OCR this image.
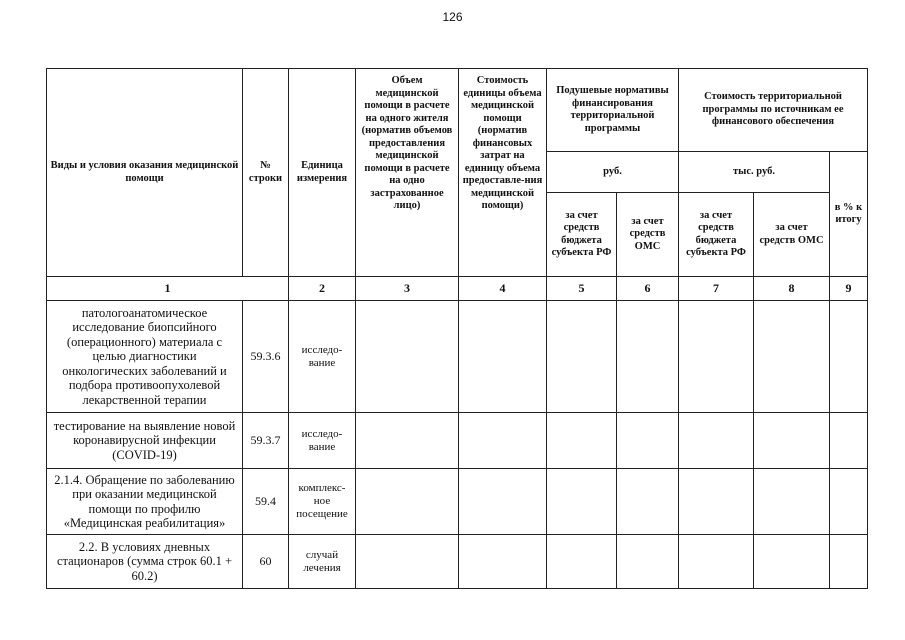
126
Виды и условия оказания медицинской помощи	№ строки	Единица измерения	Объем медицинской помощи в расчете на одного жителя (норматив объемов предоставления медицинской помощи в расчете на одно застрахованное лицо)	Стоимость единицы объема медицинской помощи (норматив финансовых затрат на единицу объема предоставле-ния медицинской помощи)	Подушевые нормативы финансирования территориальной программы		Стоимость территориальной программы по источникам ее финансового обеспечения		
					руб.		тыс. руб.		в % к итогу
					за счет средств бюджета субъекта РФ	за счет средств ОМС	за счет средств бюджета субъекта РФ	за счет средств ОМС	
1		2	3	4	5	6	7	8	9
патологоанатомическое исследование биопсийного (операционного) материала с целью диагностики онкологических заболеваний и подбора противоопухолевой лекарственной терапии	59.3.6	исследо-вание							
тестирование на выявление новой коронавирусной инфекции (COVID-19)	59.3.7	исследо-вание							
2.1.4. Обращение по заболеванию при оказании медицинской помощи по профилю «Медицинская реабилитация»	59.4	комплекс-ное посещение							
2.2. В условиях дневных стационаров (сумма строк 60.1 + 60.2)	60	случай лечения							
